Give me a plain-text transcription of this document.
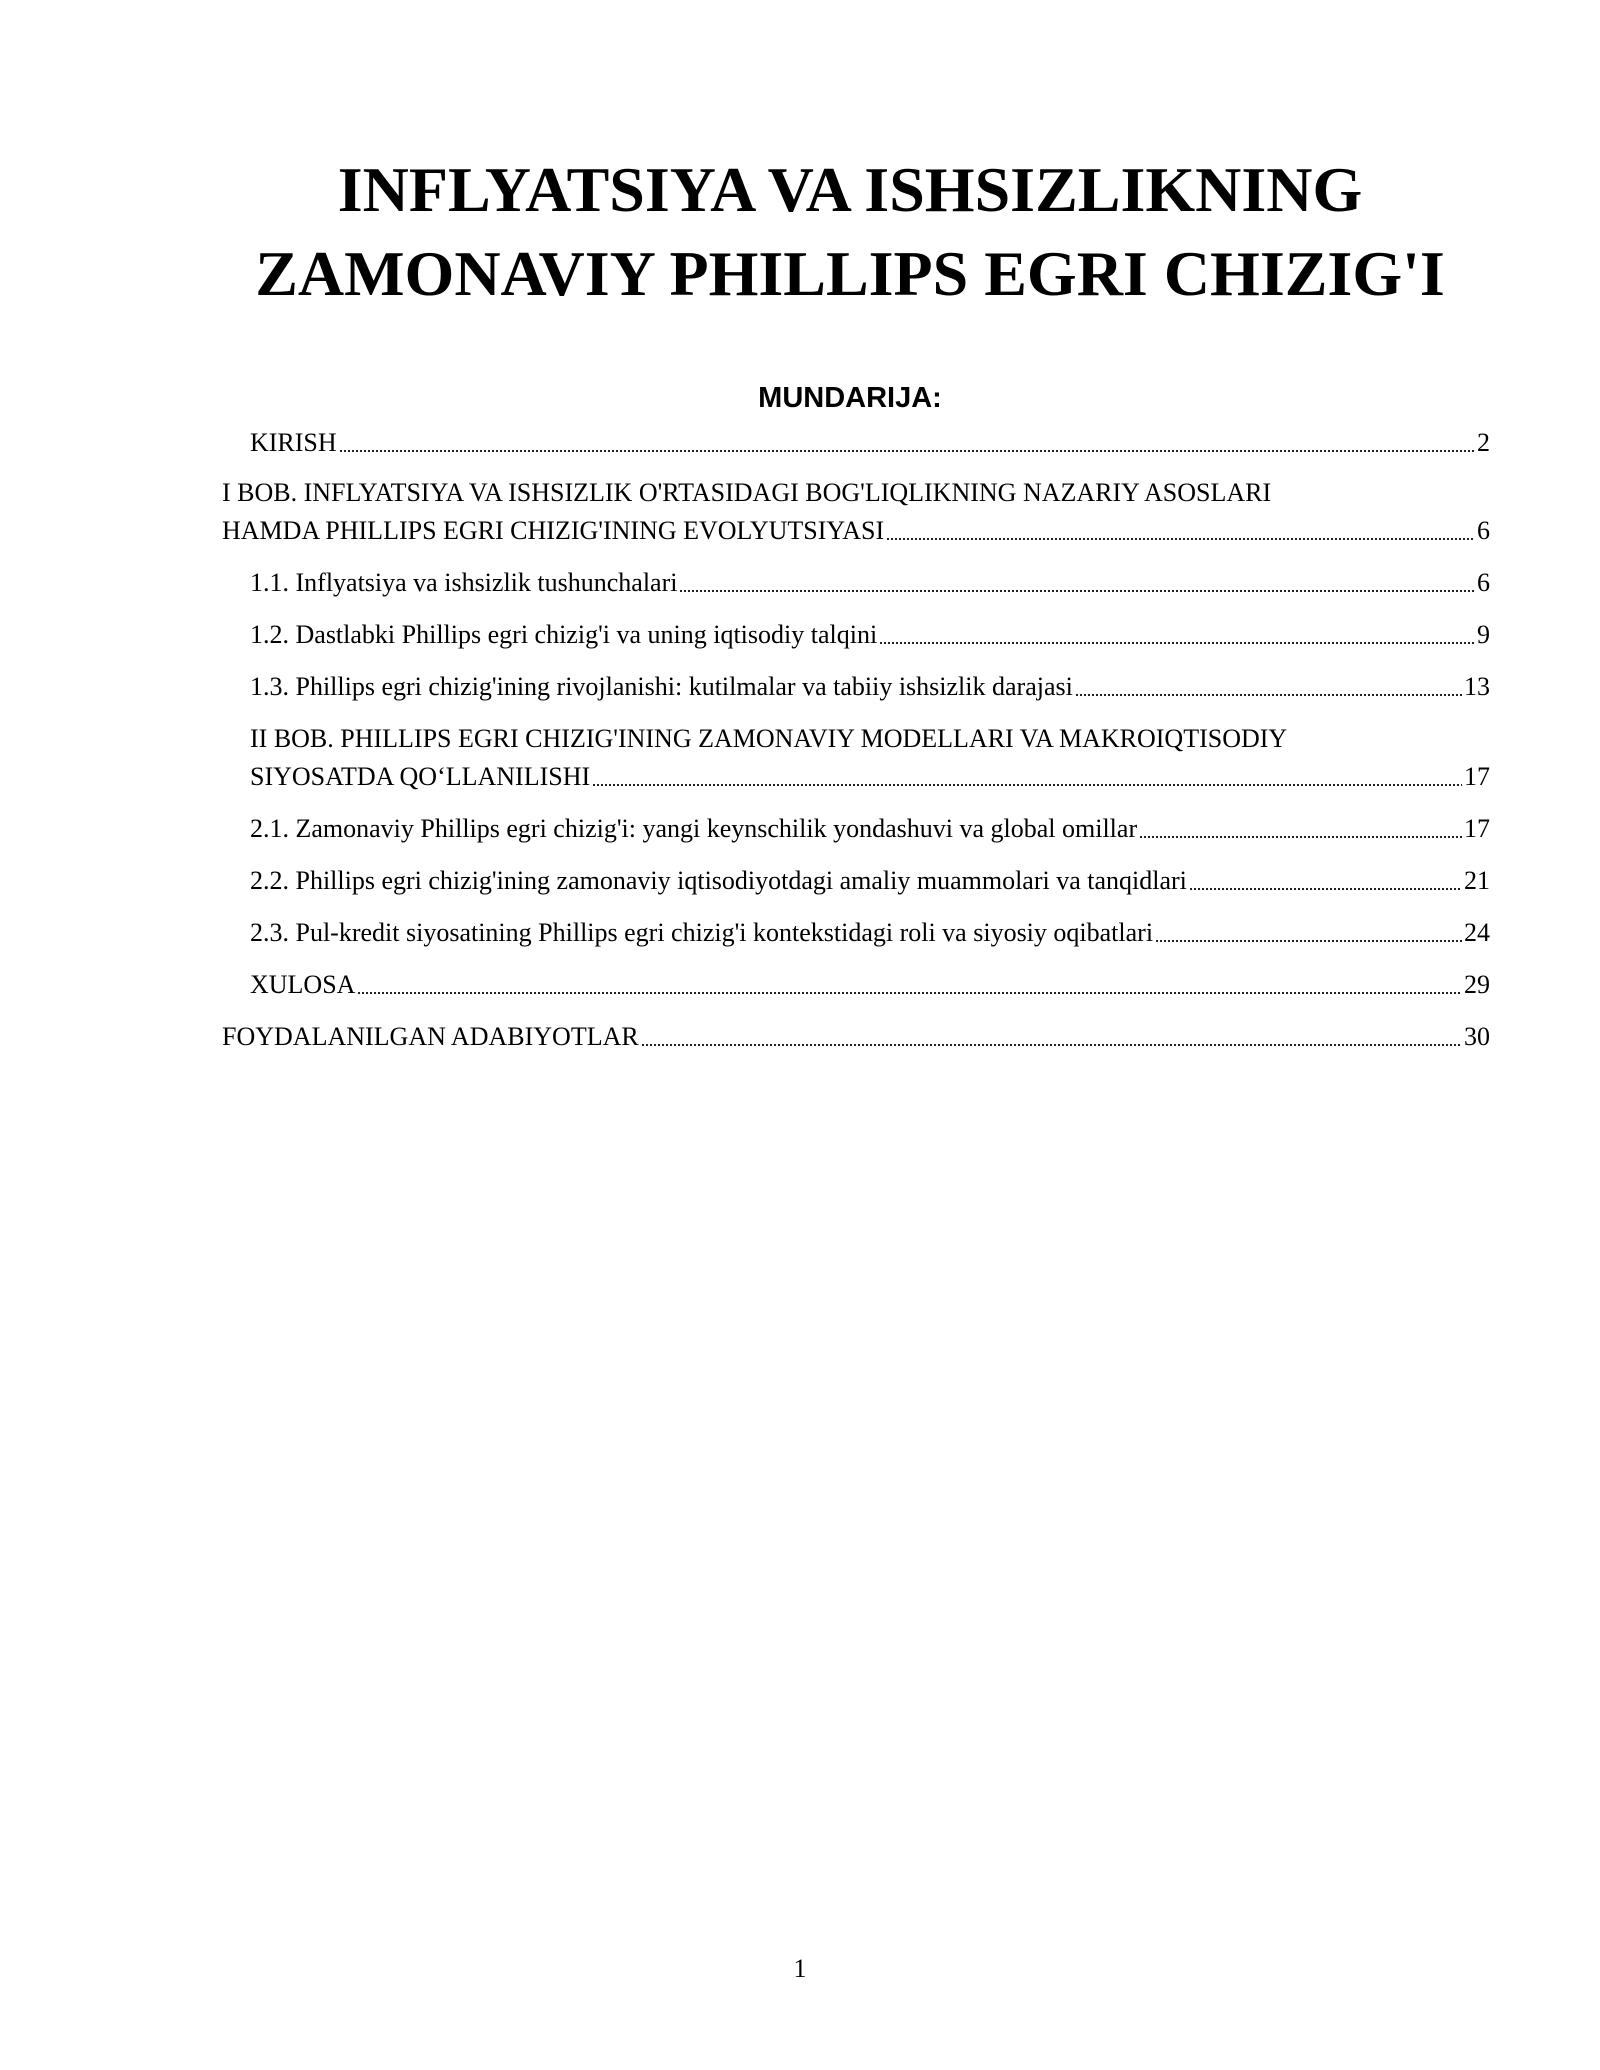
INFLYATSIYA VA ISHSIZLIKNING
ZAMONAVIY PHILLIPS EGRI CHIZIG'I
MUNDARIJA:
KIRISH	2
I BOB. INFLYATSIYA VA ISHSIZLIK O'RTASIDAGI BOG'LIQLIKNING NAZARIY ASOSLARI
HAMDA PHILLIPS EGRI CHIZIG'INING EVOLYUTSIYASI	6
1.1. Inflyatsiya va ishsizlik tushunchalari	6
1.2. Dastlabki Phillips egri chizig'i va uning iqtisodiy talqini	9
1.3. Phillips egri chizig'ining rivojlanishi: kutilmalar va tabiiy ishsizlik darajasi	13
II BOB. PHILLIPS EGRI CHIZIG'INING ZAMONAVIY MODELLARI VA MAKROIQTISODIY
SIYOSATDA QO‘LLANILISHI	17
2.1. Zamonaviy Phillips egri chizig'i: yangi keynschilik yondashuvi va global omillar	17
2.2. Phillips egri chizig'ining zamonaviy iqtisodiyotdagi amaliy muammolari va tanqidlari	21
2.3. Pul-kredit siyosatining Phillips egri chizig'i kontekstidagi roli va siyosiy oqibatlari	24
XULOSA	29
FOYDALANILGAN ADABIYOTLAR	30

1
